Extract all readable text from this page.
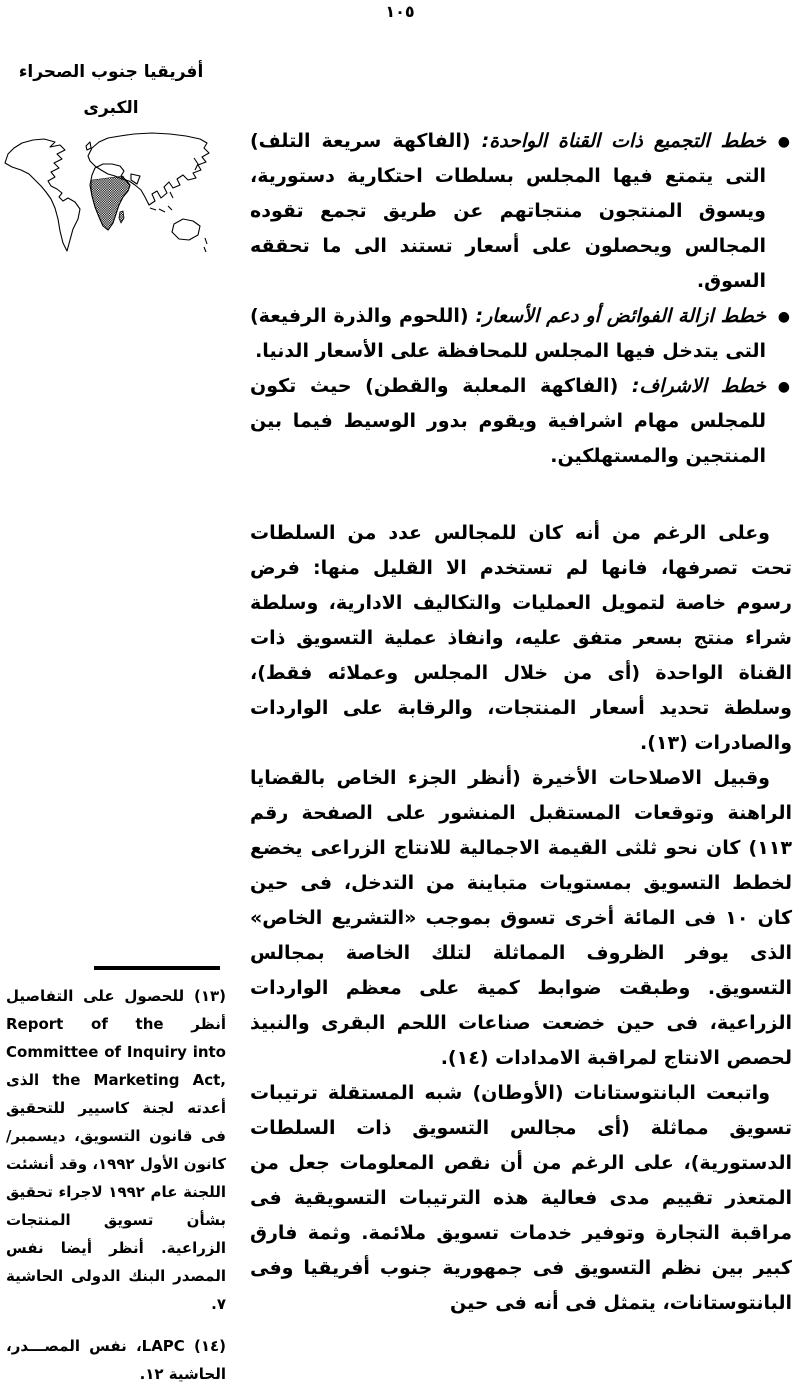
١٠٥
أفريقيا جنوب الصحراء
الكبرى
●
خطط التجميع ذات القناة الواحدة: (الفاكهة سريعة التلف) التى يتمتع فيها المجلس بسلطات احتكارية دستورية، ويسوق المنتجون منتجاتهم عن طريق تجمع تقوده المجالس ويحصلون على أسعار تستند الى ما تحققه السوق.
●
خطط ازالة الفوائض أو دعم الأسعار: (اللحوم والذرة الرفيعة) التى يتدخل فيها المجلس للمحافظة على الأسعار الدنيا.
●
خطط الاشراف: (الفاكهة المعلبة والقطن) حيث تكون للمجلس مهام اشرافية ويقوم بدور الوسيط فيما بين المنتجين والمستهلكين.

وعلى الرغم من أنه كان للمجالس عدد من السلطات تحت تصرفها، فانها لم تستخدم الا القليل منها: فرض رسوم خاصة لتمويل العمليات والتكاليف الادارية، وسلطة شراء منتج بسعر متفق عليه، وانفاذ عملية التسويق ذات القناة الواحدة (أى من خلال المجلس وعملائه فقط)، وسلطة تحديد أسعار المنتجات، والرقابة على الواردات والصادرات (١٣).

وقبيل الاصلاحات الأخيرة (أنظر الجزء الخاص بالقضايا الراهنة وتوقعات المستقبل المنشور على الصفحة رقم ١١٣) كان نحو ثلثى القيمة الاجمالية للانتاج الزراعى يخضع لخطط التسويق بمستويات متباينة من التدخل، فى حين كان ١٠ فى المائة أخرى تسوق بموجب «التشريع الخاص» الذى يوفر الظروف المماثلة لتلك الخاصة بمجالس التسويق. وطبقت ضوابط كمية على معظم الواردات الزراعية، فى حين خضعت صناعات اللحم البقرى والنبيذ لحصص الانتاج لمراقبة الامدادات (١٤).

واتبعت البانتوستانات (الأوطان) شبه المستقلة ترتيبات تسويق مماثلة (أى مجالس التسويق ذات السلطات الدستورية)، على الرغم من أن نقص المعلومات جعل من المتعذر تقييم مدى فعالية هذه الترتيبات التسويقية فى مراقبة التجارة وتوفير خدمات تسويق ملائمة. وثمة فارق كبير بين نظم التسويق فى جمهورية جنوب أفريقيا وفى البانتوستانات، يتمثل فى أنه فى حين

(١٣) للحصول على التفاصيل أنظر Report of the Committee of Inquiry into the Marketing Act, الذى أعدته لجنة كاسيير للتحقيق فى قانون التسويق، ديسمبر/ كانون الأول ١٩٩٢، وقد أنشئت اللجنة عام ١٩٩٢ لاجراء تحقيق بشأن تسويق المنتجات الزراعية. أنظر أيضا نفس المصدر البنك الدولى الحاشية ٧.

(١٤) LAPC، نفس المصـــدر، الحاشية ١٢.
